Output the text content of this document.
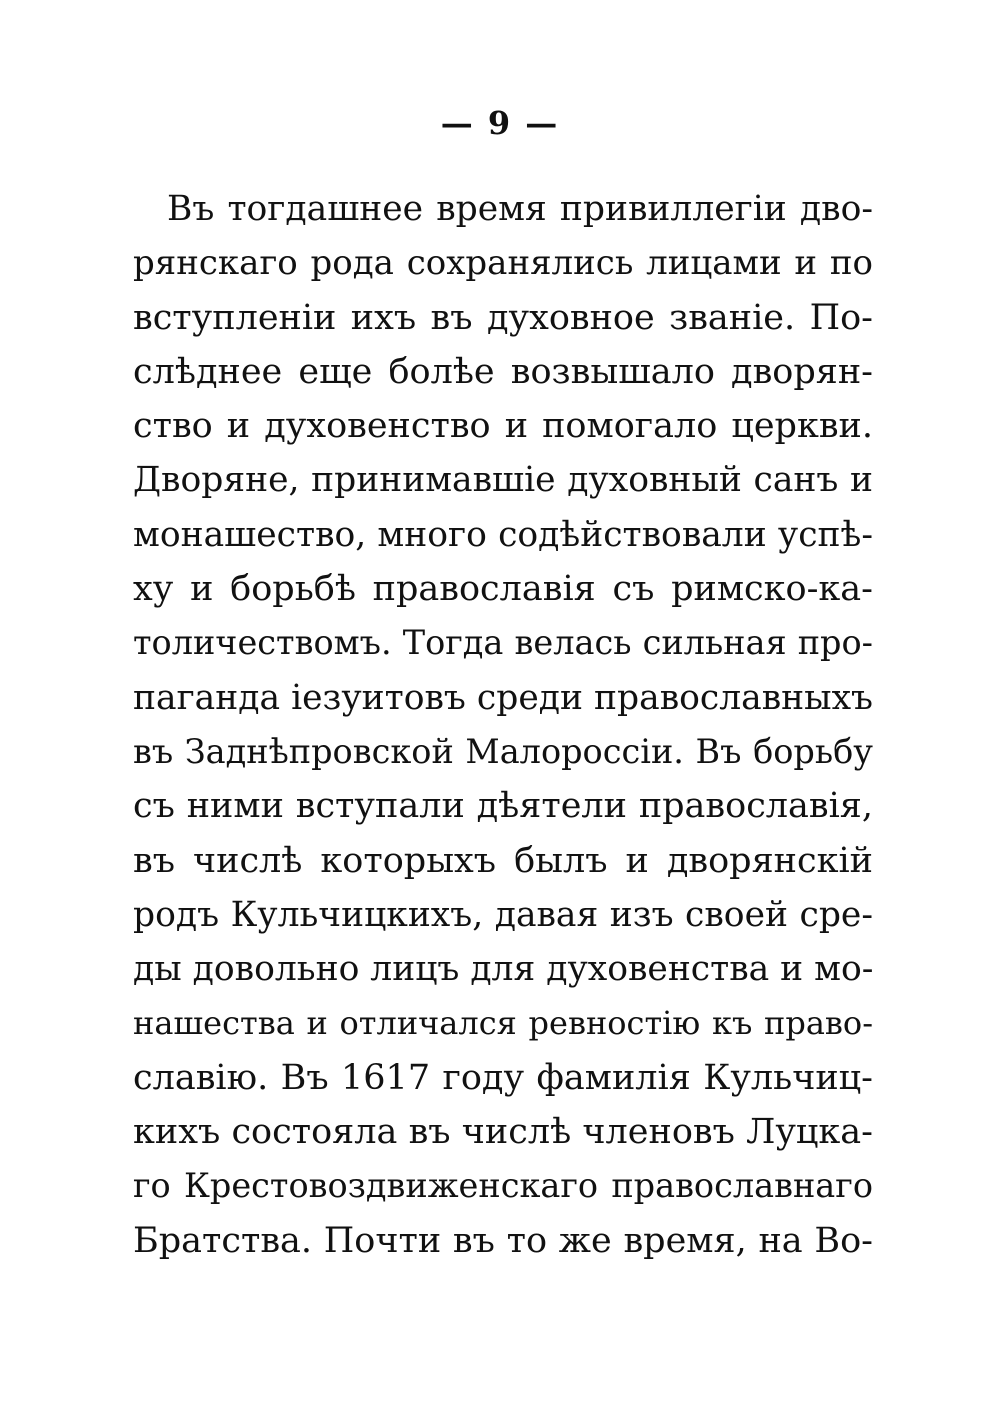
— 9 —
Въ тогдашнее время привиллегіи дво-
рянскаго рода сохранялись лицами и по
вступленіи ихъ въ духовное званіе. По-
слѣднее еще болѣе возвышало дворян-
ство и духовенство и помогало церкви.
Дворяне, принимавшіе духовный санъ и
монашество, много содѣйствовали успѣ-
ху и борьбѣ православія съ римско-ка-
толичествомъ. Тогда велась сильная про-
паганда іезуитовъ среди православныхъ
въ Заднѣпровской Малороссіи. Въ борьбу
съ ними вступали дѣятели православія,
въ числѣ которыхъ былъ и дворянскій
родъ Кульчицкихъ, давая изъ своей сре-
ды довольно лицъ для духовенства и мо-
нашества и отличался ревностію къ право-
славію. Въ 1617 году фамилія Кульчиц-
кихъ состояла въ числѣ членовъ Луцка-
го Крестовоздвиженскаго православнаго
Братства. Почти въ то же время, на Во-
